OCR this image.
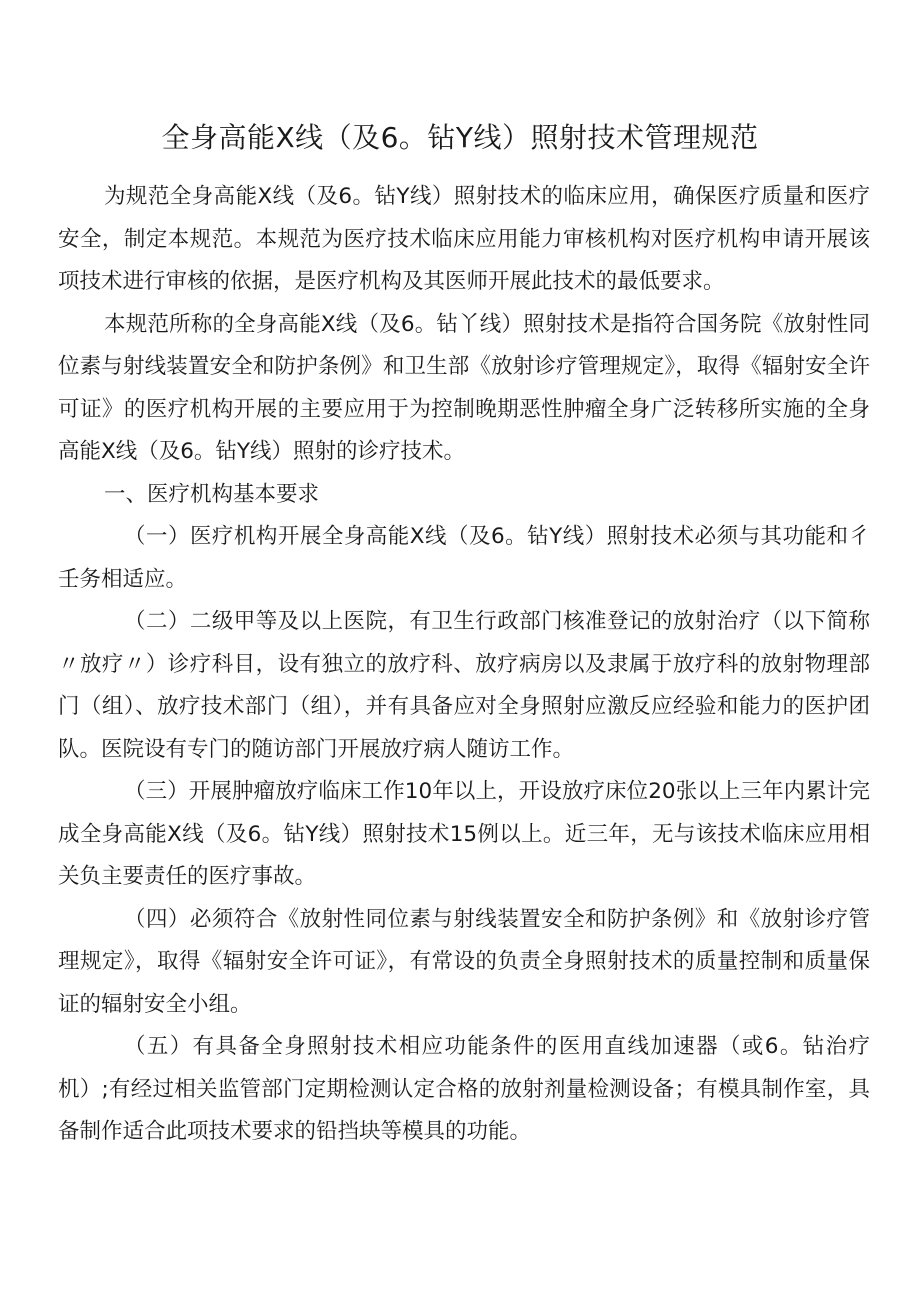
全身高能X线（及6。钻Y线）照射技术管理规范

为规范全身高能X线（及6。钻Y线）照射技术的临床应用，确保医疗质量和医疗安全，制定本规范。本规范为医疗技术临床应用能力审核机构对医疗机构申请开展该项技术进行审核的依据，是医疗机构及其医师开展此技术的最低要求。

本规范所称的全身高能X线（及6。钻丫线）照射技术是指符合国务院《放射性同位素与射线装置安全和防护条例》和卫生部《放射诊疗管理规定》，取得《辐射安全许可证》的医疗机构开展的主要应用于为控制晚期恶性肿瘤全身广泛转移所实施的全身高能X线（及6。钻Y线）照射的诊疗技术。

一、医疗机构基本要求

（一）医疗机构开展全身高能X线（及6。钻Y线）照射技术必须与其功能和彳壬务相适应。

（二）二级甲等及以上医院，有卫生行政部门核准登记的放射治疗（以下简称〃放疗〃）诊疗科目，设有独立的放疗科、放疗病房以及隶属于放疗科的放射物理部门（组）、放疗技术部门（组），并有具备应对全身照射应激反应经验和能力的医护团队。医院设有专门的随访部门开展放疗病人随访工作。

（三）开展肿瘤放疗临床工作10年以上，开设放疗床位20张以上三年内累计完成全身高能X线（及6。钻Y线）照射技术15例以上。近三年，无与该技术临床应用相关负主要责任的医疗事故。

（四）必须符合《放射性同位素与射线装置安全和防护条例》和《放射诊疗管理规定》，取得《辐射安全许可证》，有常设的负责全身照射技术的质量控制和质量保证的辐射安全小组。

（五）有具备全身照射技术相应功能条件的医用直线加速器（或6。钻治疗机）;有经过相关监管部门定期检测认定合格的放射剂量检测设备；有模具制作室，具备制作适合此项技术要求的铅挡块等模具的功能。
